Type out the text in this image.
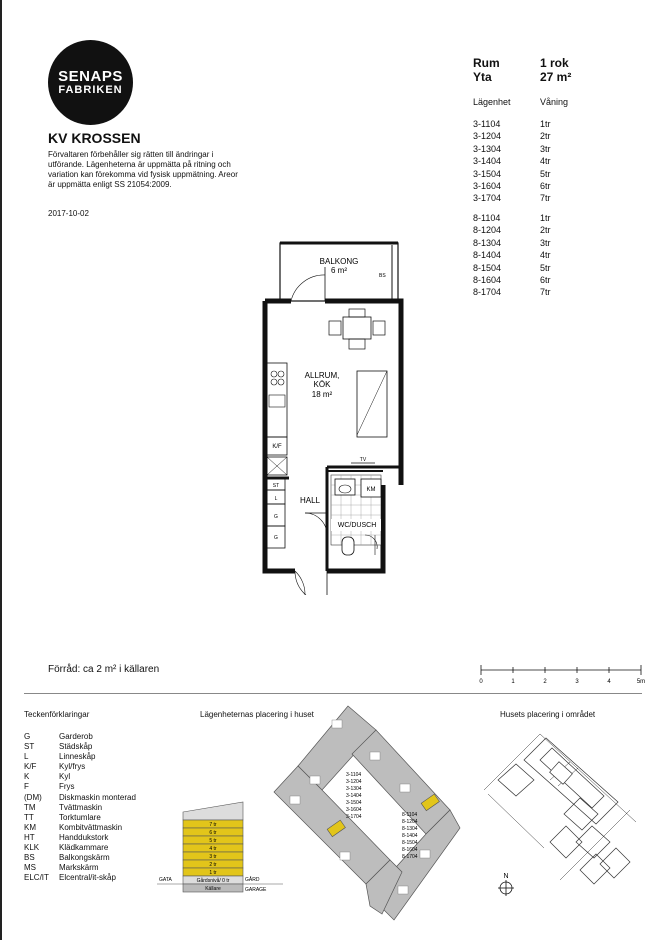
SENAPS
FABRIKEN
KV KROSSEN
Förvaltaren förbehåller sig rätten till ändringar i utförande. Lägenheterna är uppmätta på ritning och variation kan förekomma vid fysisk uppmätning. Areor är uppmätta enligt SS 21054:2009.
2017-10-02
Rum	1 rok
Yta	27 m²
Lägenhet	Våning
3-1104	1tr
3-1204	2tr
3-1304	3tr
3-1404	4tr
3-1504	5tr
3-1604	6tr
3-1704	7tr
8-1104	1tr
8-1204	2tr
8-1304	3tr
8-1404	4tr
8-1504	5tr
8-1604	6tr
8-1704	7tr
BALKONG
6 m²
BS
ALLRUM,
KÖK
18 m²
K/F
TV
ST
L
G
G
HALL
KM
WC/DUSCH
Förråd: ca 2 m² i källaren
0	1	2	3	4	5m
Teckenförklaringar
G	Garderob
ST	Städskåp
L	Linneskåp
K/F	Kyl/frys
K	Kyl
F	Frys
(DM)	Diskmaskin monterad
TM	Tvättmaskin
TT	Torktumlare
KM	Kombitvättmaskin
HT	Handdukstork
KLK	Klädkammare
BS	Balkongskärm
MS	Markskärm
ELC/IT	Elcentral/it-skåp
Lägenheternas placering i huset
7 tr
6 tr
5 tr
4 tr
3 tr
2 tr
1 tr
Gårdsnivå/ 0 tr
Källare
GATA	GÅRD
GARAGE
3-1104
3-1204
3-1304
3-1404
3-1504
3-1604
3-1704	8-1104
8-1204
8-1304
8-1404
8-1504
8-1604
8-1704
Husets placering i området
N
